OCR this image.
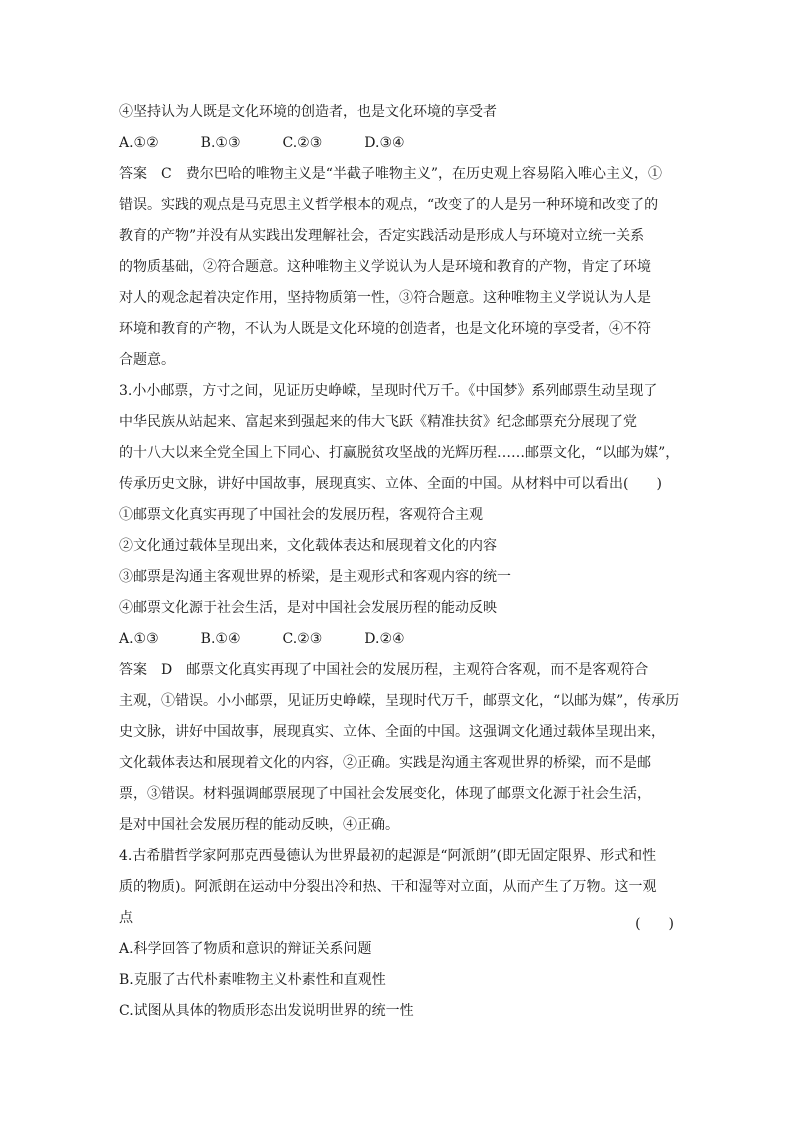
④坚持认为人既是文化环境的创造者，也是文化环境的享受者
A.①②　　　B.①③　　　C.②③　　　D.③④
答案　C　费尔巴哈的唯物主义是“半截子唯物主义”，在历史观上容易陷入唯心主义，①
错误。实践的观点是马克思主义哲学根本的观点，“改变了的人是另一种环境和改变了的
教育的产物”并没有从实践出发理解社会，否定实践活动是形成人与环境对立统一关系
的物质基础，②符合题意。这种唯物主义学说认为人是环境和教育的产物，肯定了环境
对人的观念起着决定作用，坚持物质第一性，③符合题意。这种唯物主义学说认为人是
环境和教育的产物，不认为人既是文化环境的创造者，也是文化环境的享受者，④不符
合题意。
3.小小邮票，方寸之间，见证历史峥嵘，呈现时代万千。《中国梦》系列邮票生动呈现了
中华民族从站起来、富起来到强起来的伟大飞跃《精准扶贫》纪念邮票充分展现了党
的十八大以来全党全国上下同心、打赢脱贫攻坚战的光辉历程……邮票文化，“以邮为媒”，
传承历史文脉，讲好中国故事，展现真实、立体、全面的中国。从材料中可以看出(　　)
①邮票文化真实再现了中国社会的发展历程，客观符合主观
②文化通过载体呈现出来，文化载体表达和展现着文化的内容
③邮票是沟通主客观世界的桥梁，是主观形式和客观内容的统一
④邮票文化源于社会生活，是对中国社会发展历程的能动反映
A.①③　　　B.①④　　　C.②③　　　D.②④
答案　D　邮票文化真实再现了中国社会的发展历程，主观符合客观，而不是客观符合
主观，①错误。小小邮票，见证历史峥嵘，呈现时代万千，邮票文化，“以邮为媒”，传承历
史文脉，讲好中国故事，展现真实、立体、全面的中国。这强调文化通过载体呈现出来，
文化载体表达和展现着文化的内容，②正确。实践是沟通主客观世界的桥梁，而不是邮
票，③错误。材料强调邮票展现了中国社会发展变化，体现了邮票文化源于社会生活，
是对中国社会发展历程的能动反映，④正确。
4.古希腊哲学家阿那克西曼德认为世界最初的起源是“阿派朗”(即无固定限界、形式和性
质的物质)。阿派朗在运动中分裂出冷和热、干和湿等对立面，从而产生了万物。这一观
点
A.科学回答了物质和意识的辩证关系问题
B.克服了古代朴素唯物主义朴素性和直观性
C.试图从具体的物质形态出发说明世界的统一性
(　　)
